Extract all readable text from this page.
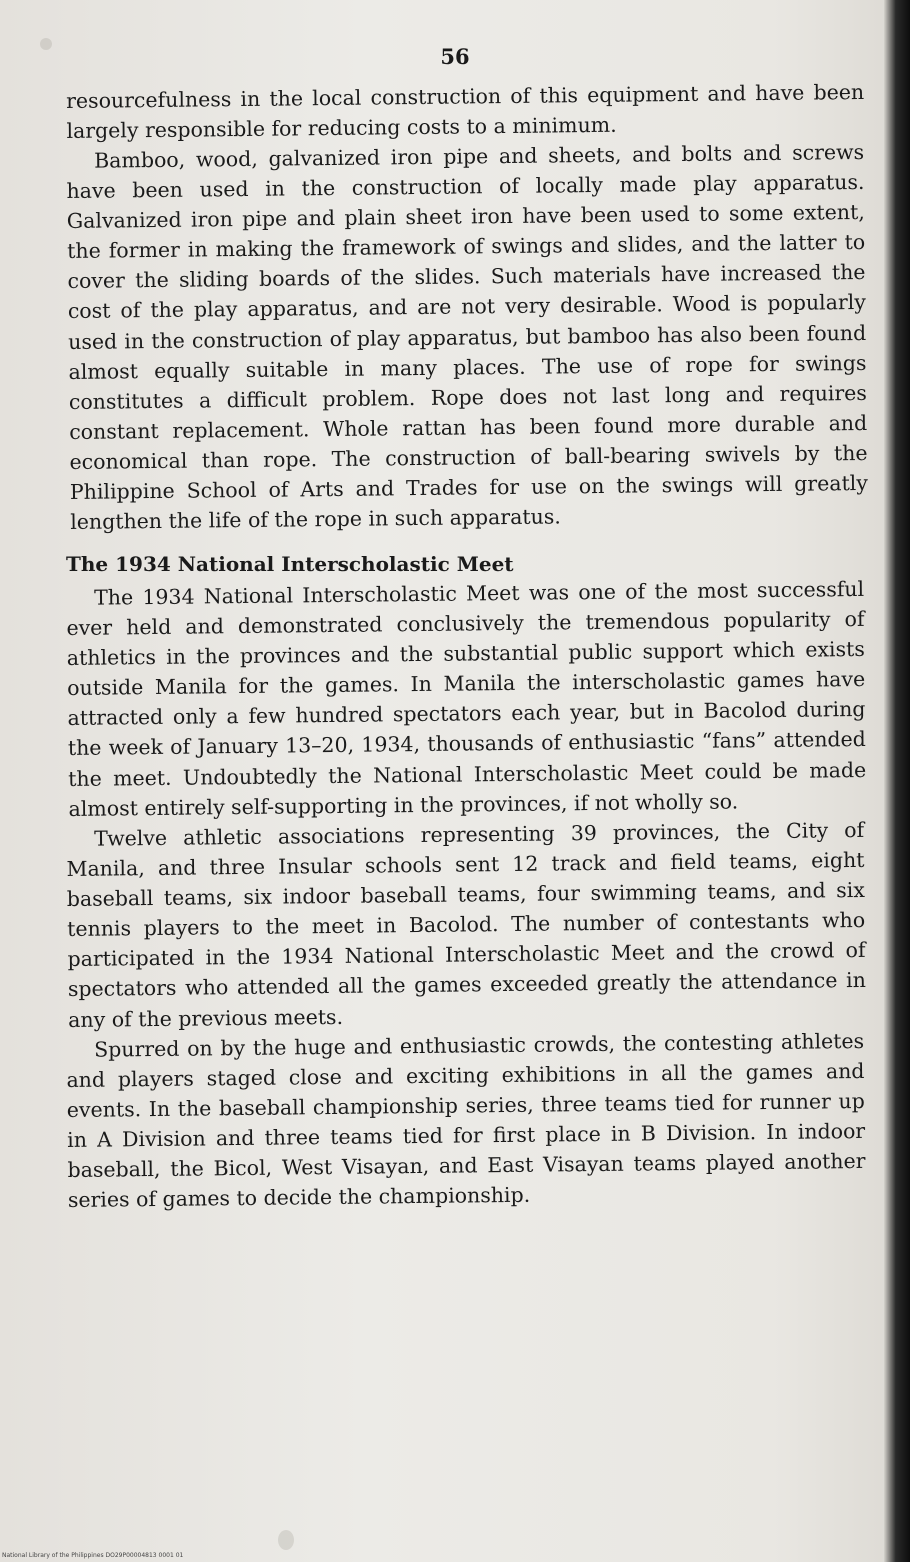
56

resourcefulness in the local construction of this equipment and have been largely responsible for reducing costs to a minimum.

Bamboo, wood, galvanized iron pipe and sheets, and bolts and screws have been used in the construction of locally made play apparatus. Galvanized iron pipe and plain sheet iron have been used to some extent, the former in making the framework of swings and slides, and the latter to cover the sliding boards of the slides. Such materials have increased the cost of the play apparatus, and are not very desirable. Wood is popularly used in the construction of play apparatus, but bamboo has also been found almost equally suitable in many places. The use of rope for swings constitutes a difficult problem. Rope does not last long and requires constant replacement. Whole rattan has been found more durable and economical than rope. The construction of ball-bearing swivels by the Philippine School of Arts and Trades for use on the swings will greatly lengthen the life of the rope in such apparatus.

The 1934 National Interscholastic Meet

The 1934 National Interscholastic Meet was one of the most successful ever held and demonstrated conclusively the tremendous popularity of athletics in the provinces and the substantial public support which exists outside Manila for the games. In Manila the interscholastic games have attracted only a few hundred spectators each year, but in Bacolod during the week of January 13–20, 1934, thousands of enthusiastic “fans” attended the meet. Undoubtedly the National Interscholastic Meet could be made almost entirely self-supporting in the provinces, if not wholly so.

Twelve athletic associations representing 39 provinces, the City of Manila, and three Insular schools sent 12 track and field teams, eight baseball teams, six indoor baseball teams, four swimming teams, and six tennis players to the meet in Bacolod. The number of contestants who participated in the 1934 National Interscholastic Meet and the crowd of spectators who attended all the games exceeded greatly the attendance in any of the previous meets.

Spurred on by the huge and enthusiastic crowds, the contesting athletes and players staged close and exciting exhibitions in all the games and events. In the baseball championship series, three teams tied for runner up in A Division and three teams tied for first place in B Division. In indoor baseball, the Bicol, West Visayan, and East Visayan teams played another series of games to decide the championship.

National Library of the Philippines DO29P00004813 0001 01
